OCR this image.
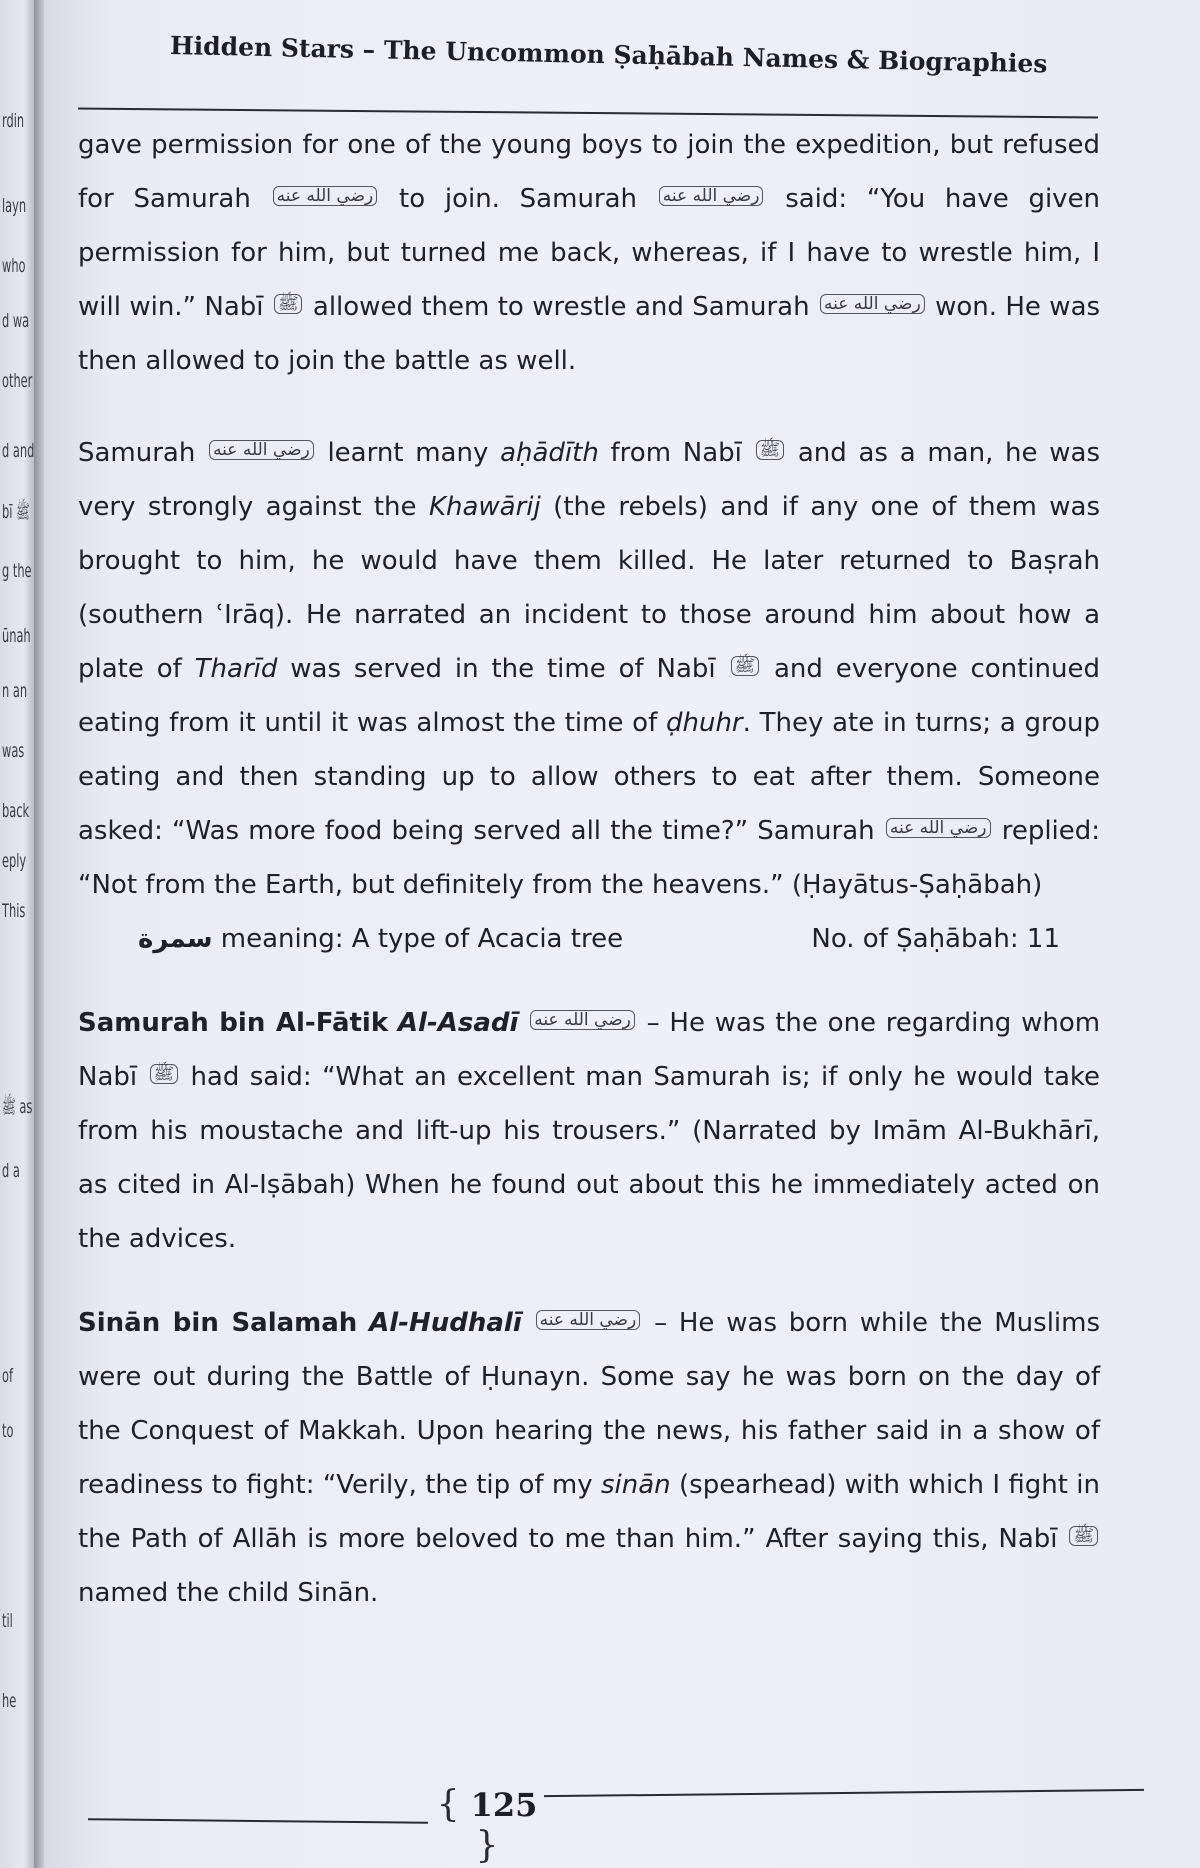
rdin
layn
who
d wa
other
d and
bī ﷺ
g the
ūnah
n an
was
back
eply
This
ﷺ as
d a
of
to
til
he
Hidden Stars – The Uncommon Ṣaḥābah Names & Biographies

gave permission for one of the young boys to join the expedition, but refused for Samurah رضي الله عنه to join. Samurah رضي الله عنه said: “You have given permission for him, but turned me back, whereas, if I have to wrestle him, I will win.” Nabī ﷺ allowed them to wrestle and Samurah رضي الله عنه won. He was then allowed to join the battle as well.

Samurah رضي الله عنه learnt many aḥādīth from Nabī ﷺ and as a man, he was very strongly against the Khawārij (the rebels) and if any one of them was brought to him, he would have them killed. He later returned to Baṣrah (southern ʿIrāq). He narrated an incident to those around him about how a plate of Tharīd was served in the time of Nabī ﷺ and everyone continued eating from it until it was almost the time of ḍhuhr. They ate in turns; a group eating and then standing up to allow others to eat after them. Someone asked: “Was more food being served all the time?” Samurah رضي الله عنه replied: “Not from the Earth, but definitely from the heavens.” (Ḥayātus-Ṣaḥābah)

سمرة meaning: A type of Acacia tree	No. of Ṣaḥābah: 11

Samurah bin Al-Fātik Al-Asadī رضي الله عنه – He was the one regarding whom Nabī ﷺ had said: “What an excellent man Samurah is; if only he would take from his moustache and lift-up his trousers.” (Narrated by Imām Al-Bukhārī, as cited in Al-Iṣābah) When he found out about this he immediately acted on the advices.

Sinān bin Salamah Al-Hudhalī رضي الله عنه – He was born while the Muslims were out during the Battle of Ḥunayn. Some say he was born on the day of the Conquest of Makkah. Upon hearing the news, his father said in a show of readiness to fight: “Verily, the tip of my sinān (spearhead) with which I fight in the Path of Allāh is more beloved to me than him.” After saying this, Nabī ﷺ named the child Sinān.

{ 125 }
